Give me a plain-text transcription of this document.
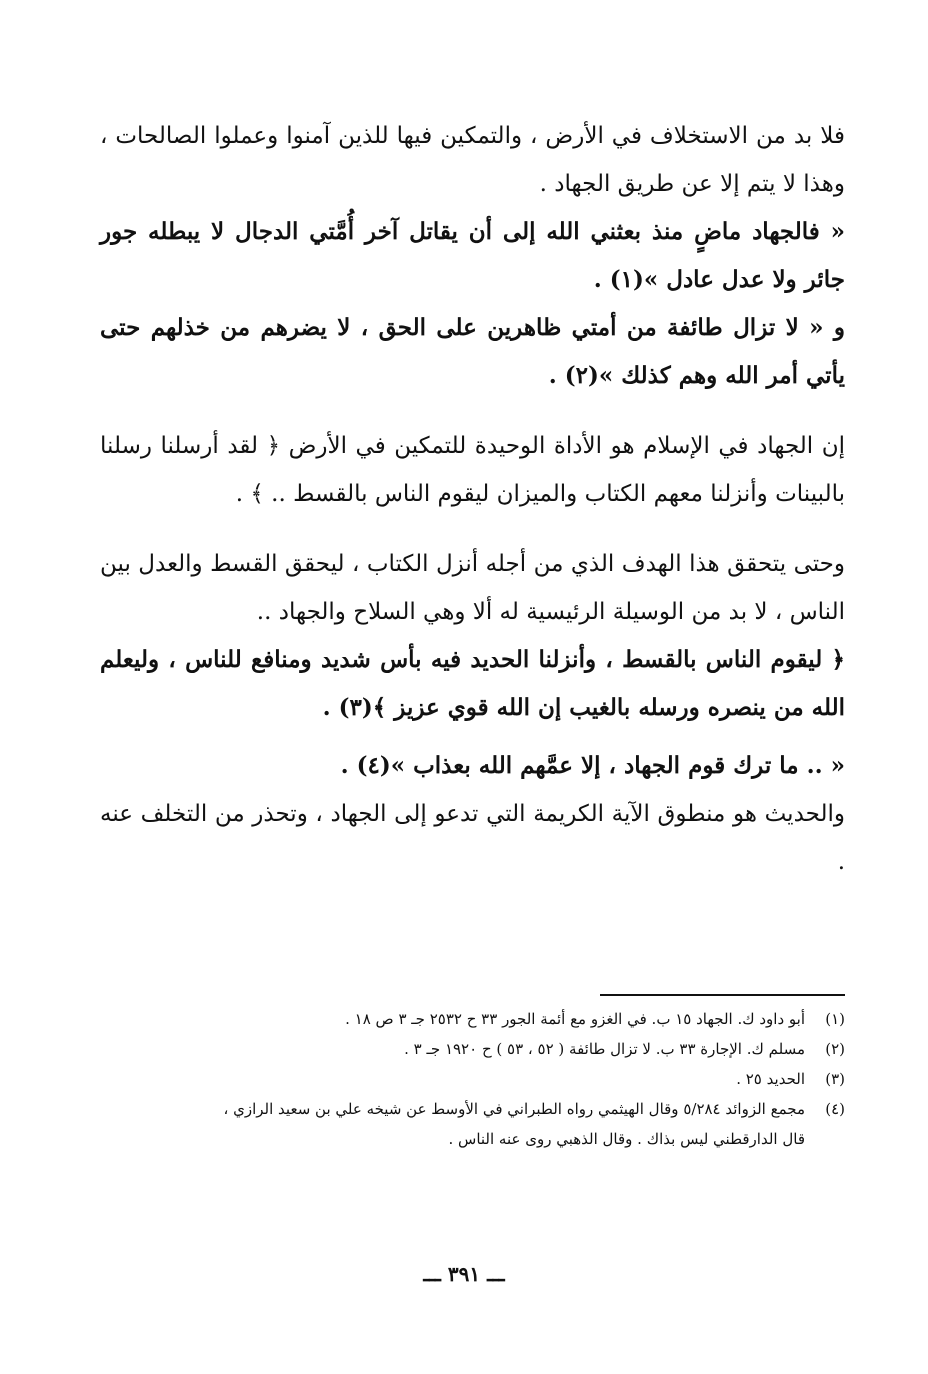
فلا بد من الاستخلاف في الأرض ، والتمكين فيها للذين آمنوا وعملوا الصالحات ، وهذا لا يتم إلا عن طريق الجهاد .

« فالجهاد ماضٍ منذ بعثني الله إلى أن يقاتل آخر أُمَّتي الدجال لا يبطله جور جائر ولا عدل عادل »(١) .

و « لا تزال طائفة من أمتي ظاهرين على الحق ، لا يضرهم من خذلهم حتى يأتي أمر الله وهم كذلك »(٢) .

إن الجهاد في الإسلام هو الأداة الوحيدة للتمكين في الأرض ﴿ لقد أرسلنا رسلنا بالبينات وأنزلنا معهم الكتاب والميزان ليقوم الناس بالقسط .. ﴾ .

وحتى يتحقق هذا الهدف الذي من أجله أنزل الكتاب ، ليحقق القسط والعدل بين الناس ، لا بد من الوسيلة الرئيسية له ألا وهي السلاح والجهاد ..

﴿ ليقوم الناس بالقسط ، وأنزلنا الحديد فيه بأس شديد ومنافع للناس ، وليعلم الله من ينصره ورسله بالغيب إن الله قوي عزيز ﴾(٣) .

« .. ما ترك قوم الجهاد ، إلا عمَّهم الله بعذاب »(٤) .

والحديث هو منطوق الآية الكريمة التي تدعو إلى الجهاد ، وتحذر من التخلف عنه .

(١)
أبو داود ك. الجهاد ١٥ ب. في الغزو مع أئمة الجور ٣٣ ح ٢٥٣٢ جـ ٣ ص ١٨ .

(٢)
مسلم ك. الإجارة ٣٣ ب. لا تزال طائفة ( ٥٢ ، ٥٣ ) ح ١٩٢٠ جـ ٣ .

(٣)
الحديد ٢٥ .

(٤)
مجمع الزوائد ٥/٢٨٤ وقال الهيثمي رواه الطبراني في الأوسط عن شيخه علي بن سعيد الرازي ،

قال الدارقطني ليس بذاك . وقال الذهبي روى عنه الناس .

ـــ ٣٩١ ـــ
